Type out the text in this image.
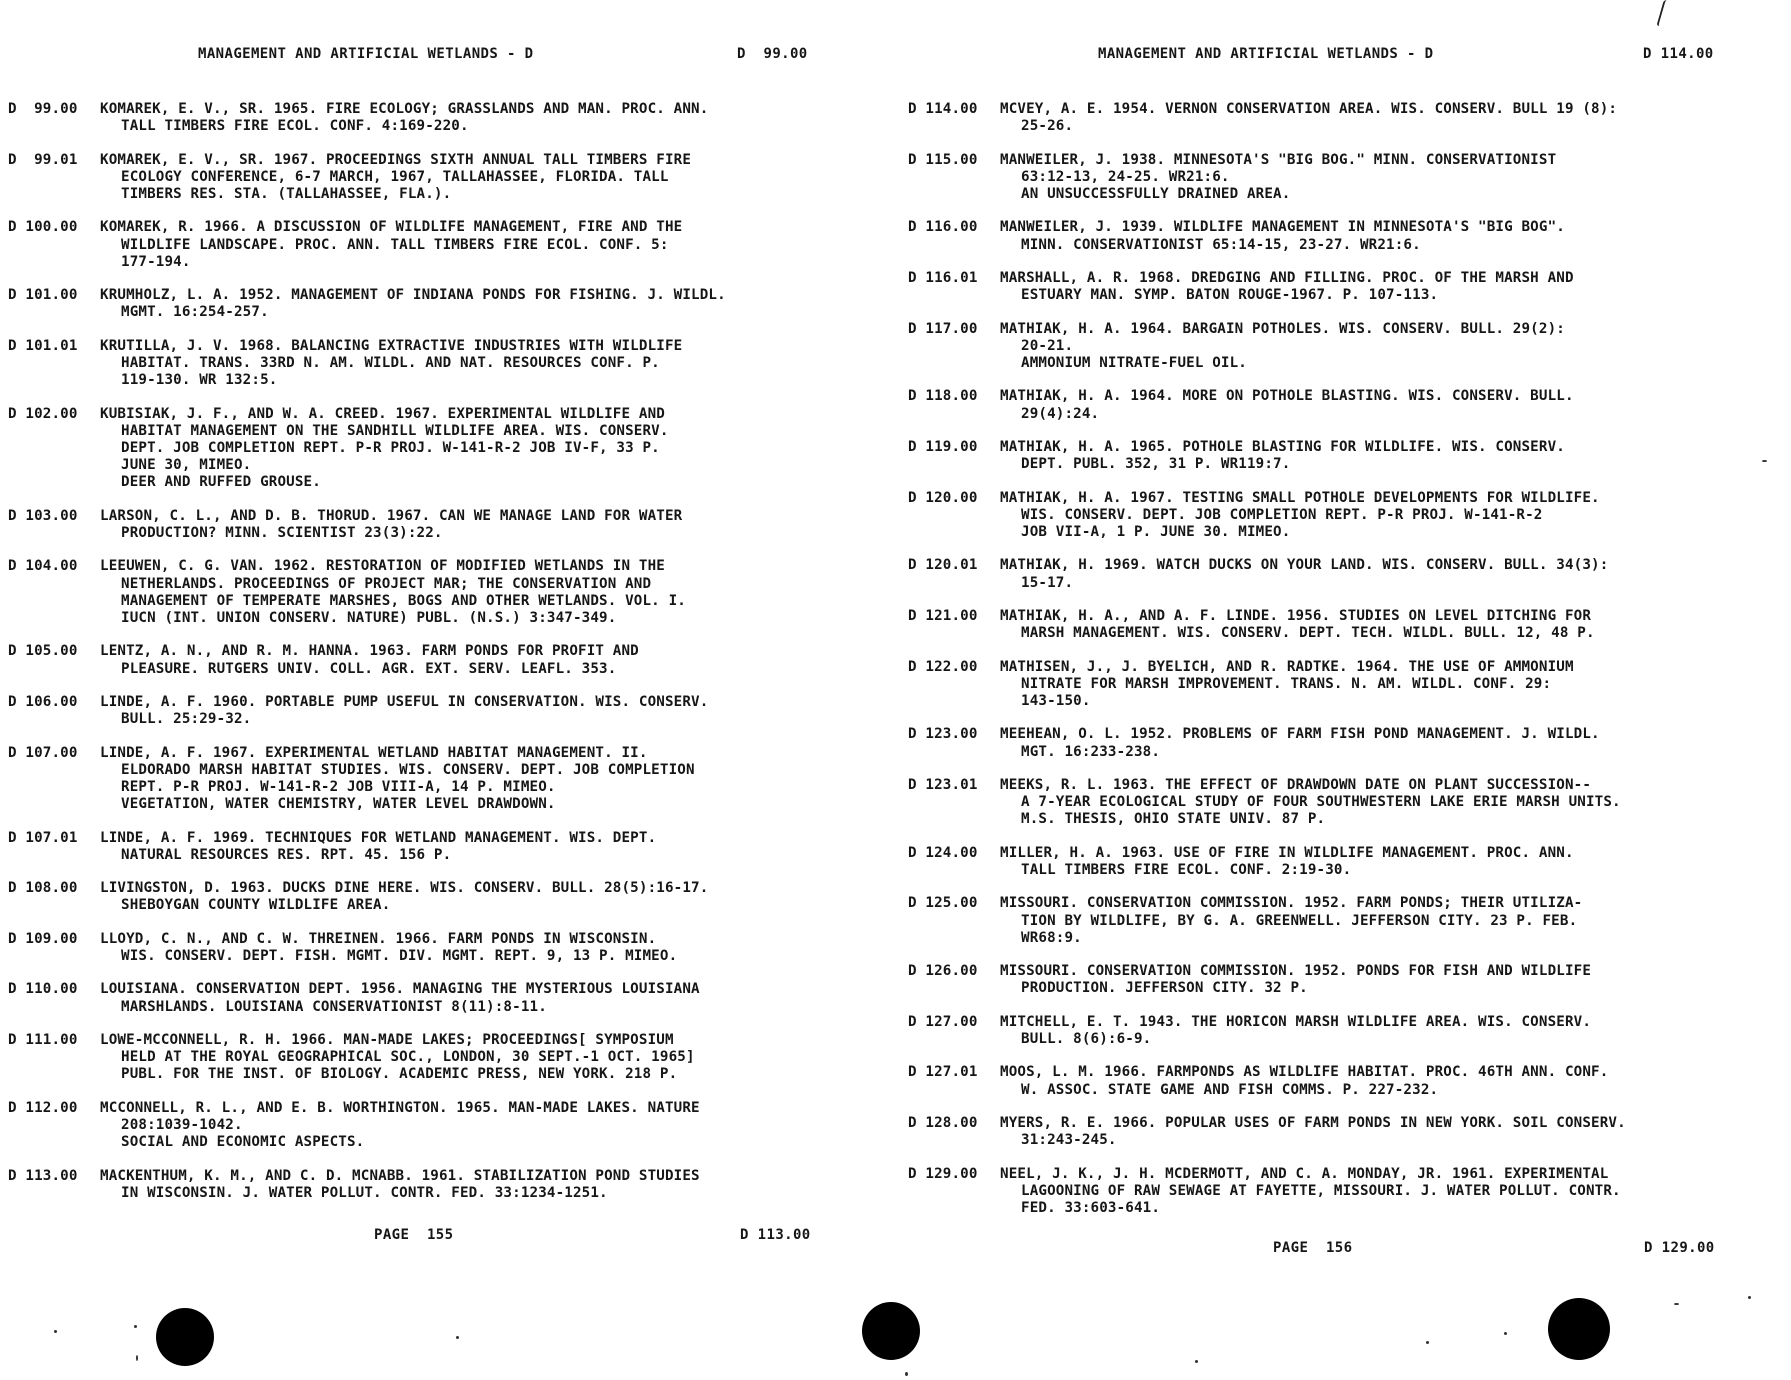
MANAGEMENT AND ARTIFICIAL WETLANDS - D	D  99.00
D  99.00	KOMAREK, E. V., SR. 1965. FIRE ECOLOGY; GRASSLANDS AND MAN. PROC. ANN.
TALL TIMBERS FIRE ECOL. CONF. 4:169-220.
D  99.01	KOMAREK, E. V., SR. 1967. PROCEEDINGS SIXTH ANNUAL TALL TIMBERS FIRE
ECOLOGY CONFERENCE, 6-7 MARCH, 1967, TALLAHASSEE, FLORIDA. TALL
TIMBERS RES. STA. (TALLAHASSEE, FLA.).
D 100.00	KOMAREK, R. 1966. A DISCUSSION OF WILDLIFE MANAGEMENT, FIRE AND THE
WILDLIFE LANDSCAPE. PROC. ANN. TALL TIMBERS FIRE ECOL. CONF. 5:
177-194.
D 101.00	KRUMHOLZ, L. A. 1952. MANAGEMENT OF INDIANA PONDS FOR FISHING. J. WILDL.
MGMT. 16:254-257.
D 101.01	KRUTILLA, J. V. 1968. BALANCING EXTRACTIVE INDUSTRIES WITH WILDLIFE
HABITAT. TRANS. 33RD N. AM. WILDL. AND NAT. RESOURCES CONF. P.
119-130. WR 132:5.
D 102.00	KUBISIAK, J. F., AND W. A. CREED. 1967. EXPERIMENTAL WILDLIFE AND
HABITAT MANAGEMENT ON THE SANDHILL WILDLIFE AREA. WIS. CONSERV.
DEPT. JOB COMPLETION REPT. P-R PROJ. W-141-R-2 JOB IV-F, 33 P.
JUNE 30, MIMEO.
DEER AND RUFFED GROUSE.
D 103.00	LARSON, C. L., AND D. B. THORUD. 1967. CAN WE MANAGE LAND FOR WATER
PRODUCTION? MINN. SCIENTIST 23(3):22.
D 104.00	LEEUWEN, C. G. VAN. 1962. RESTORATION OF MODIFIED WETLANDS IN THE
NETHERLANDS. PROCEEDINGS OF PROJECT MAR; THE CONSERVATION AND
MANAGEMENT OF TEMPERATE MARSHES, BOGS AND OTHER WETLANDS. VOL. I.
IUCN (INT. UNION CONSERV. NATURE) PUBL. (N.S.) 3:347-349.
D 105.00	LENTZ, A. N., AND R. M. HANNA. 1963. FARM PONDS FOR PROFIT AND
PLEASURE. RUTGERS UNIV. COLL. AGR. EXT. SERV. LEAFL. 353.
D 106.00	LINDE, A. F. 1960. PORTABLE PUMP USEFUL IN CONSERVATION. WIS. CONSERV.
BULL. 25:29-32.
D 107.00	LINDE, A. F. 1967. EXPERIMENTAL WETLAND HABITAT MANAGEMENT. II.
ELDORADO MARSH HABITAT STUDIES. WIS. CONSERV. DEPT. JOB COMPLETION
REPT. P-R PROJ. W-141-R-2 JOB VIII-A, 14 P. MIMEO.
VEGETATION, WATER CHEMISTRY, WATER LEVEL DRAWDOWN.
D 107.01	LINDE, A. F. 1969. TECHNIQUES FOR WETLAND MANAGEMENT. WIS. DEPT.
NATURAL RESOURCES RES. RPT. 45. 156 P.
D 108.00	LIVINGSTON, D. 1963. DUCKS DINE HERE. WIS. CONSERV. BULL. 28(5):16-17.
SHEBOYGAN COUNTY WILDLIFE AREA.
D 109.00	LLOYD, C. N., AND C. W. THREINEN. 1966. FARM PONDS IN WISCONSIN.
WIS. CONSERV. DEPT. FISH. MGMT. DIV. MGMT. REPT. 9, 13 P. MIMEO.
D 110.00	LOUISIANA. CONSERVATION DEPT. 1956. MANAGING THE MYSTERIOUS LOUISIANA
MARSHLANDS. LOUISIANA CONSERVATIONIST 8(11):8-11.
D 111.00	LOWE-MCCONNELL, R. H. 1966. MAN-MADE LAKES; PROCEEDINGS[ SYMPOSIUM
HELD AT THE ROYAL GEOGRAPHICAL SOC., LONDON, 30 SEPT.-1 OCT. 1965]
PUBL. FOR THE INST. OF BIOLOGY. ACADEMIC PRESS, NEW YORK. 218 P.
D 112.00	MCCONNELL, R. L., AND E. B. WORTHINGTON. 1965. MAN-MADE LAKES. NATURE
208:1039-1042.
SOCIAL AND ECONOMIC ASPECTS.
D 113.00	MACKENTHUM, K. M., AND C. D. MCNABB. 1961. STABILIZATION POND STUDIES
IN WISCONSIN. J. WATER POLLUT. CONTR. FED. 33:1234-1251.
PAGE  155	D 113.00
MANAGEMENT AND ARTIFICIAL WETLANDS - D	D 114.00
D 114.00	MCVEY, A. E. 1954. VERNON CONSERVATION AREA. WIS. CONSERV. BULL 19 (8):
25-26.
D 115.00	MANWEILER, J. 1938. MINNESOTA'S "BIG BOG." MINN. CONSERVATIONIST
63:12-13, 24-25. WR21:6.
AN UNSUCCESSFULLY DRAINED AREA.
D 116.00	MANWEILER, J. 1939. WILDLIFE MANAGEMENT IN MINNESOTA'S "BIG BOG".
MINN. CONSERVATIONIST 65:14-15, 23-27. WR21:6.
D 116.01	MARSHALL, A. R. 1968. DREDGING AND FILLING. PROC. OF THE MARSH AND
ESTUARY MAN. SYMP. BATON ROUGE-1967. P. 107-113.
D 117.00	MATHIAK, H. A. 1964. BARGAIN POTHOLES. WIS. CONSERV. BULL. 29(2):
20-21.
AMMONIUM NITRATE-FUEL OIL.
D 118.00	MATHIAK, H. A. 1964. MORE ON POTHOLE BLASTING. WIS. CONSERV. BULL.
29(4):24.
D 119.00	MATHIAK, H. A. 1965. POTHOLE BLASTING FOR WILDLIFE. WIS. CONSERV.
DEPT. PUBL. 352, 31 P. WR119:7.
D 120.00	MATHIAK, H. A. 1967. TESTING SMALL POTHOLE DEVELOPMENTS FOR WILDLIFE.
WIS. CONSERV. DEPT. JOB COMPLETION REPT. P-R PROJ. W-141-R-2
JOB VII-A, 1 P. JUNE 30. MIMEO.
D 120.01	MATHIAK, H. 1969. WATCH DUCKS ON YOUR LAND. WIS. CONSERV. BULL. 34(3):
15-17.
D 121.00	MATHIAK, H. A., AND A. F. LINDE. 1956. STUDIES ON LEVEL DITCHING FOR
MARSH MANAGEMENT. WIS. CONSERV. DEPT. TECH. WILDL. BULL. 12, 48 P.
D 122.00	MATHISEN, J., J. BYELICH, AND R. RADTKE. 1964. THE USE OF AMMONIUM
NITRATE FOR MARSH IMPROVEMENT. TRANS. N. AM. WILDL. CONF. 29:
143-150.
D 123.00	MEEHEAN, O. L. 1952. PROBLEMS OF FARM FISH POND MANAGEMENT. J. WILDL.
MGT. 16:233-238.
D 123.01	MEEKS, R. L. 1963. THE EFFECT OF DRAWDOWN DATE ON PLANT SUCCESSION--
A 7-YEAR ECOLOGICAL STUDY OF FOUR SOUTHWESTERN LAKE ERIE MARSH UNITS.
M.S. THESIS, OHIO STATE UNIV. 87 P.
D 124.00	MILLER, H. A. 1963. USE OF FIRE IN WILDLIFE MANAGEMENT. PROC. ANN.
TALL TIMBERS FIRE ECOL. CONF. 2:19-30.
D 125.00	MISSOURI. CONSERVATION COMMISSION. 1952. FARM PONDS; THEIR UTILIZA-
TION BY WILDLIFE, BY G. A. GREENWELL. JEFFERSON CITY. 23 P. FEB.
WR68:9.
D 126.00	MISSOURI. CONSERVATION COMMISSION. 1952. PONDS FOR FISH AND WILDLIFE
PRODUCTION. JEFFERSON CITY. 32 P.
D 127.00	MITCHELL, E. T. 1943. THE HORICON MARSH WILDLIFE AREA. WIS. CONSERV.
BULL. 8(6):6-9.
D 127.01	MOOS, L. M. 1966. FARMPONDS AS WILDLIFE HABITAT. PROC. 46TH ANN. CONF.
W. ASSOC. STATE GAME AND FISH COMMS. P. 227-232.
D 128.00	MYERS, R. E. 1966. POPULAR USES OF FARM PONDS IN NEW YORK. SOIL CONSERV.
31:243-245.
D 129.00	NEEL, J. K., J. H. MCDERMOTT, AND C. A. MONDAY, JR. 1961. EXPERIMENTAL
LAGOONING OF RAW SEWAGE AT FAYETTE, MISSOURI. J. WATER POLLUT. CONTR.
FED. 33:603-641.
PAGE  156	D 129.00
